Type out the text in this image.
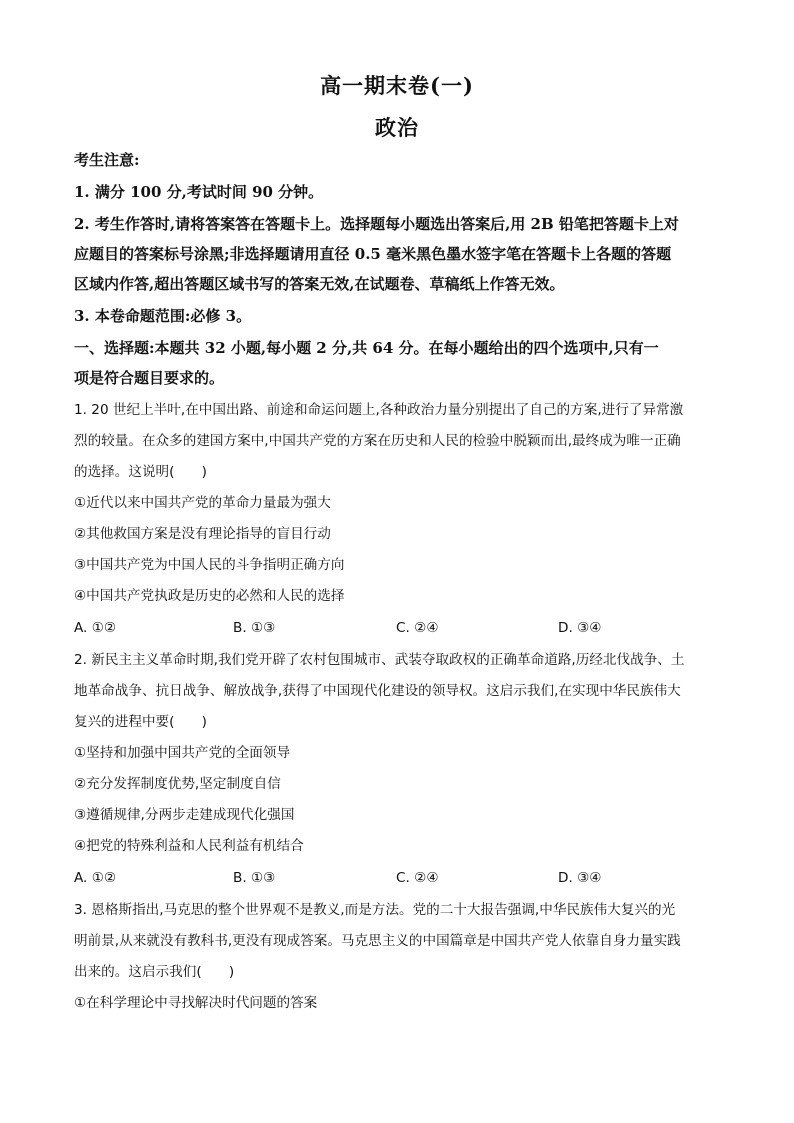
高一期末卷(一)
政治
考生注意:
1. 满分 100 分,考试时间 90 分钟。
2. 考生作答时,请将答案答在答题卡上。选择题每小题选出答案后,用 2B 铅笔把答题卡上对
应题目的答案标号涂黑;非选择题请用直径 0.5 毫米黑色墨水签字笔在答题卡上各题的答题
区域内作答,超出答题区域书写的答案无效,在试题卷、草稿纸上作答无效。
3. 本卷命题范围:必修 3。
一、选择题:本题共 32 小题,每小题 2 分,共 64 分。在每小题给出的四个选项中,只有一
项是符合题目要求的。
1. 20 世纪上半叶,在中国出路、前途和命运问题上,各种政治力量分别提出了自己的方案,进行了异常激
烈的较量。在众多的建国方案中,中国共产党的方案在历史和人民的检验中脱颖而出,最终成为唯一正确
的选择。这说明(　　)
①近代以来中国共产党的革命力量最为强大
②其他救国方案是没有理论指导的盲目行动
③中国共产党为中国人民的斗争指明正确方向
④中国共产党执政是历史的必然和人民的选择
A. ①②	B. ①③	C. ②④	D. ③④
2. 新民主主义革命时期,我们党开辟了农村包围城市、武装夺取政权的正确革命道路,历经北伐战争、土
地革命战争、抗日战争、解放战争,获得了中国现代化建设的领导权。这启示我们,在实现中华民族伟大
复兴的进程中要(　　)
①坚持和加强中国共产党的全面领导
②充分发挥制度优势,坚定制度自信
③遵循规律,分两步走建成现代化强国
④把党的特殊利益和人民利益有机结合
A. ①②	B. ①③	C. ②④	D. ③④
3. 恩格斯指出,马克思的整个世界观不是教义,而是方法。党的二十大报告强调,中华民族伟大复兴的光
明前景,从来就没有教科书,更没有现成答案。马克思主义的中国篇章是中国共产党人依靠自身力量实践
出来的。这启示我们(　　)
①在科学理论中寻找解决时代问题的答案
